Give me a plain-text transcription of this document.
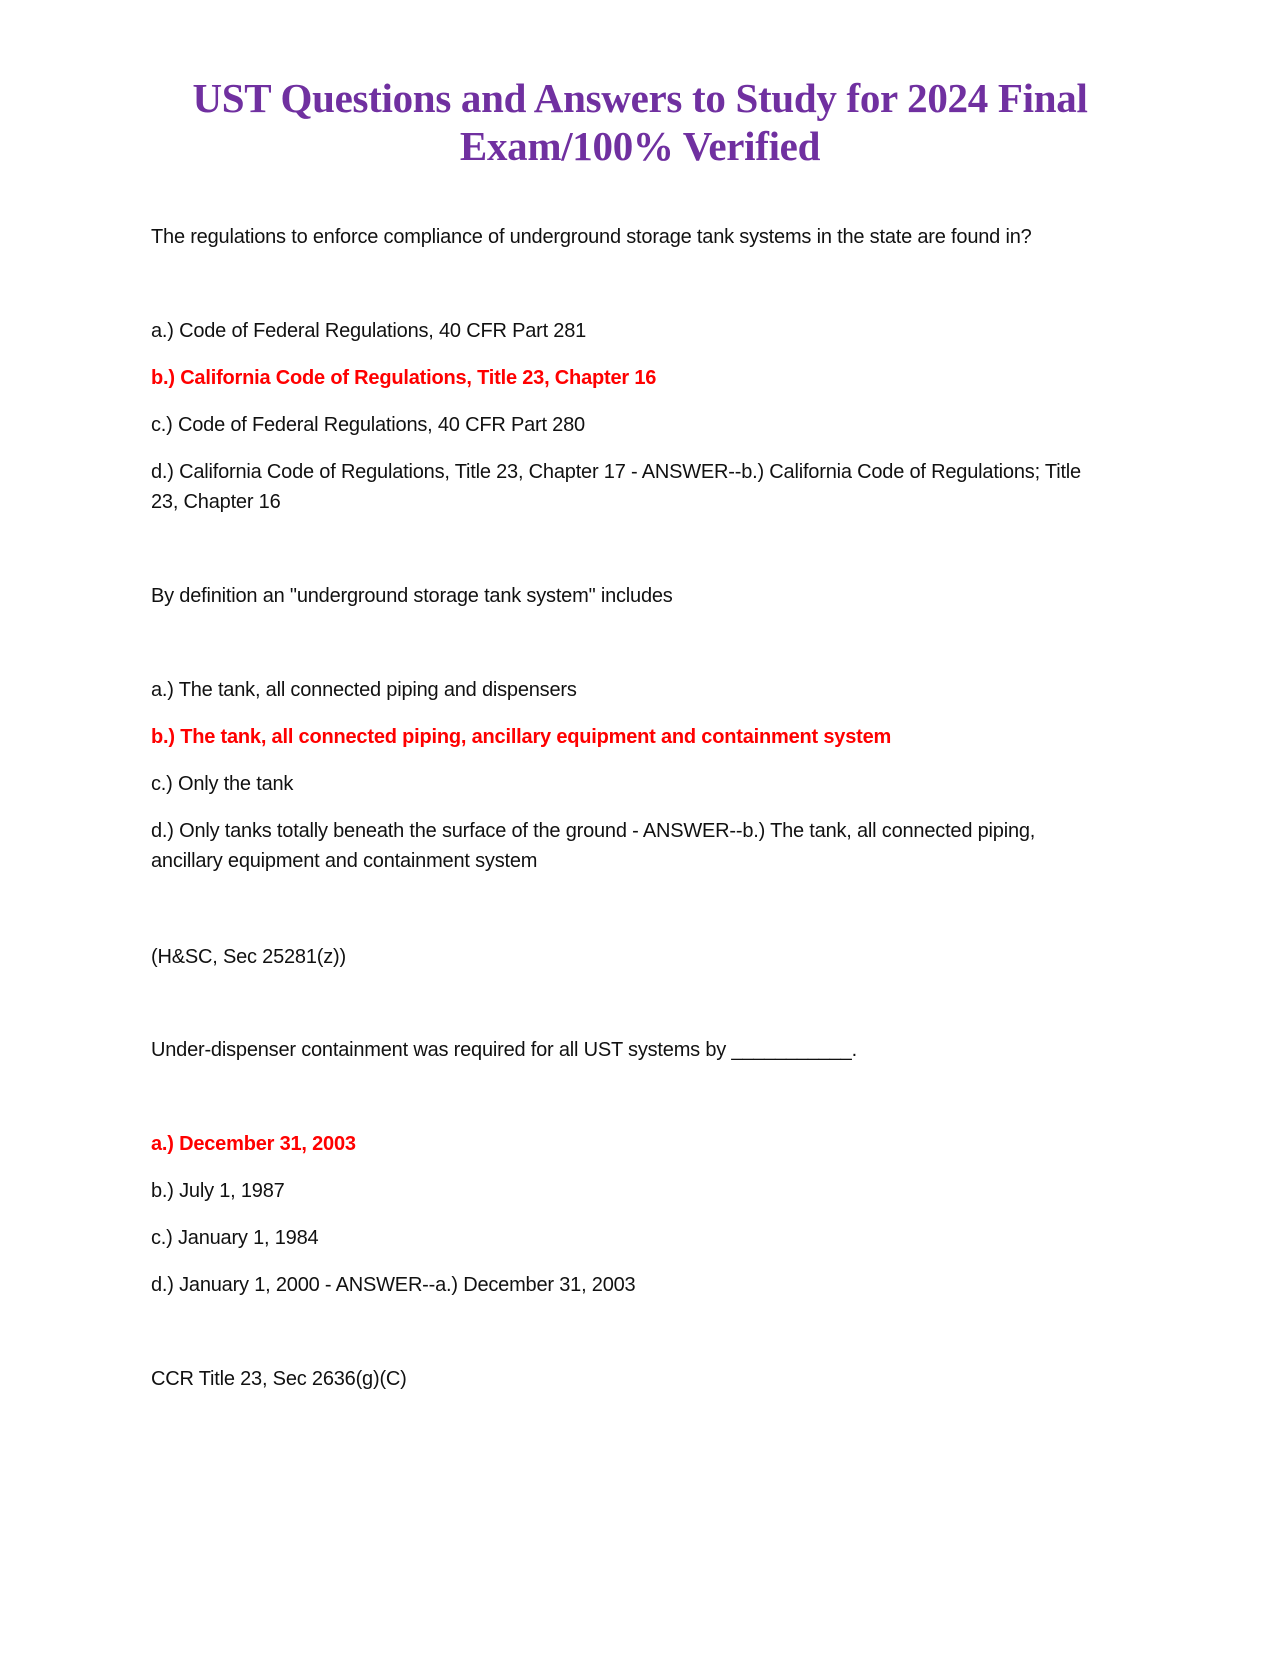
UST Questions and Answers to Study for 2024 Final Exam/100% Verified
The regulations to enforce compliance of underground storage tank systems in the state are found in?
a.) Code of Federal Regulations, 40 CFR Part 281
b.) California Code of Regulations, Title 23, Chapter 16
c.) Code of Federal Regulations, 40 CFR Part 280
d.) California Code of Regulations, Title 23, Chapter 17 - ANSWER--b.) California Code of Regulations; Title 23, Chapter 16
By definition an "underground storage tank system" includes
a.) The tank, all connected piping and dispensers
b.) The tank, all connected piping, ancillary equipment and containment system
c.) Only the tank
d.) Only tanks totally beneath the surface of the ground - ANSWER--b.) The tank, all connected piping, ancillary equipment and containment system
(H&SC, Sec 25281(z))
Under-dispenser containment was required for all UST systems by ___________.
a.) December 31, 2003
b.) July 1, 1987
c.) January 1, 1984
d.) January 1, 2000 - ANSWER--a.) December 31, 2003
CCR Title 23, Sec 2636(g)(C)
